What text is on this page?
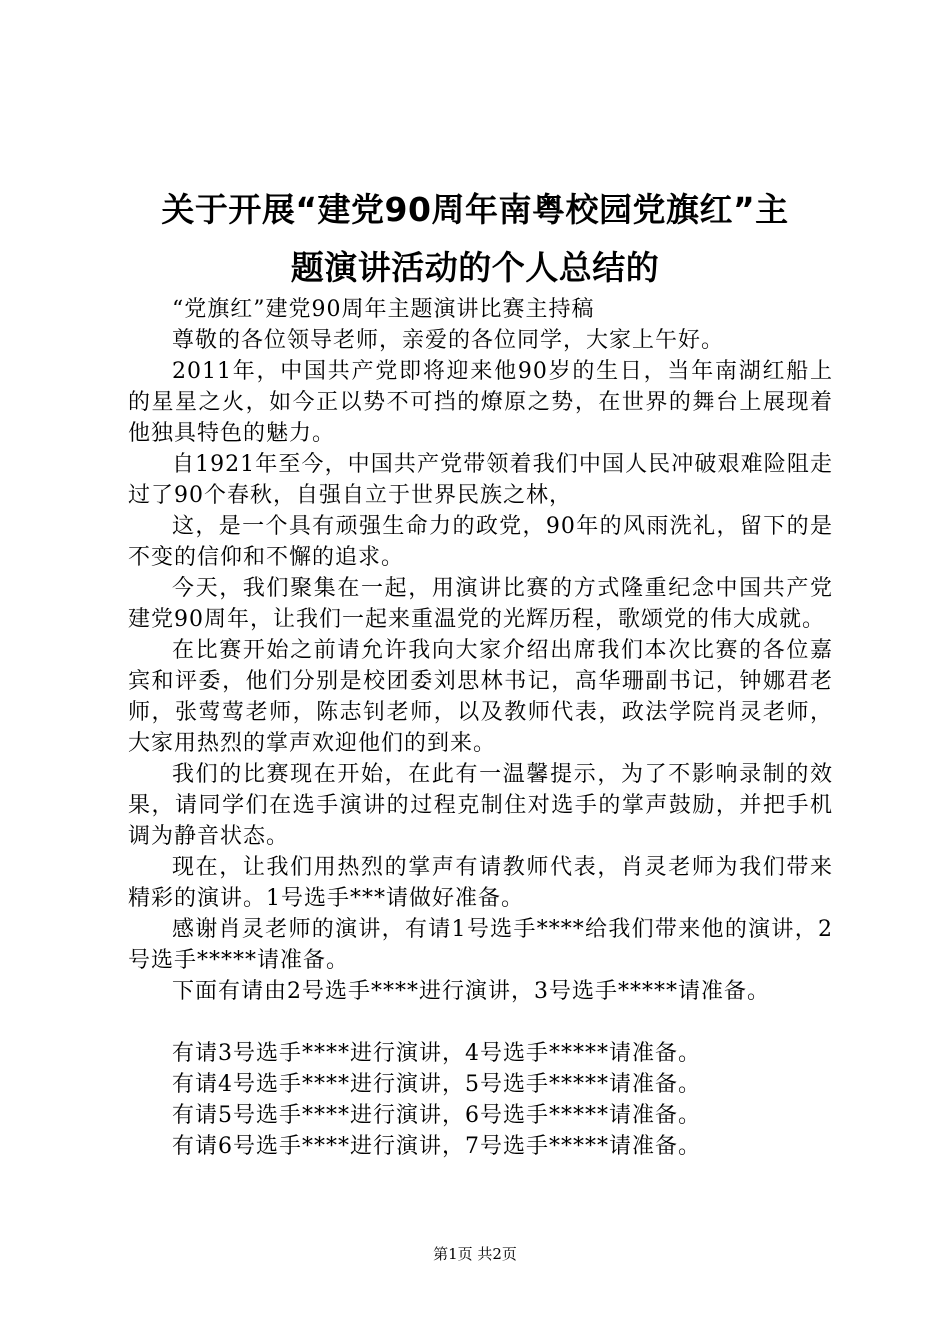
关于开展“建党90周年南粤校园党旗红”主
题演讲活动的个人总结的

“党旗红”建党90周年主题演讲比赛主持稿

尊敬的各位领导老师，亲爱的各位同学，大家上午好。

2011年，中国共产党即将迎来他90岁的生日，当年南湖红船上的星星之火，如今正以势不可挡的燎原之势，在世界的舞台上展现着他独具特色的魅力。

自1921年至今，中国共产党带领着我们中国人民冲破艰难险阻走过了90个春秋，自强自立于世界民族之林，

这，是一个具有顽强生命力的政党，90年的风雨洗礼，留下的是不变的信仰和不懈的追求。

今天，我们聚集在一起，用演讲比赛的方式隆重纪念中国共产党建党90周年，让我们一起来重温党的光辉历程，歌颂党的伟大成就。

在比赛开始之前请允许我向大家介绍出席我们本次比赛的各位嘉宾和评委，他们分别是校团委刘思林书记，高华珊副书记，钟娜君老师，张莺莺老师，陈志钊老师，以及教师代表，政法学院肖灵老师，大家用热烈的掌声欢迎他们的到来。

我们的比赛现在开始，在此有一温馨提示，为了不影响录制的效果，请同学们在选手演讲的过程克制住对选手的掌声鼓励，并把手机调为静音状态。

现在，让我们用热烈的掌声有请教师代表，肖灵老师为我们带来精彩的演讲。1号选手***请做好准备。

感谢肖灵老师的演讲，有请1号选手****给我们带来他的演讲，2号选手*****请准备。

下面有请由2号选手****进行演讲，3号选手*****请准备。

有请3号选手****进行演讲，4号选手*****请准备。

有请4号选手****进行演讲，5号选手*****请准备。

有请5号选手****进行演讲，6号选手*****请准备。

有请6号选手****进行演讲，7号选手*****请准备。

第1页 共2页
